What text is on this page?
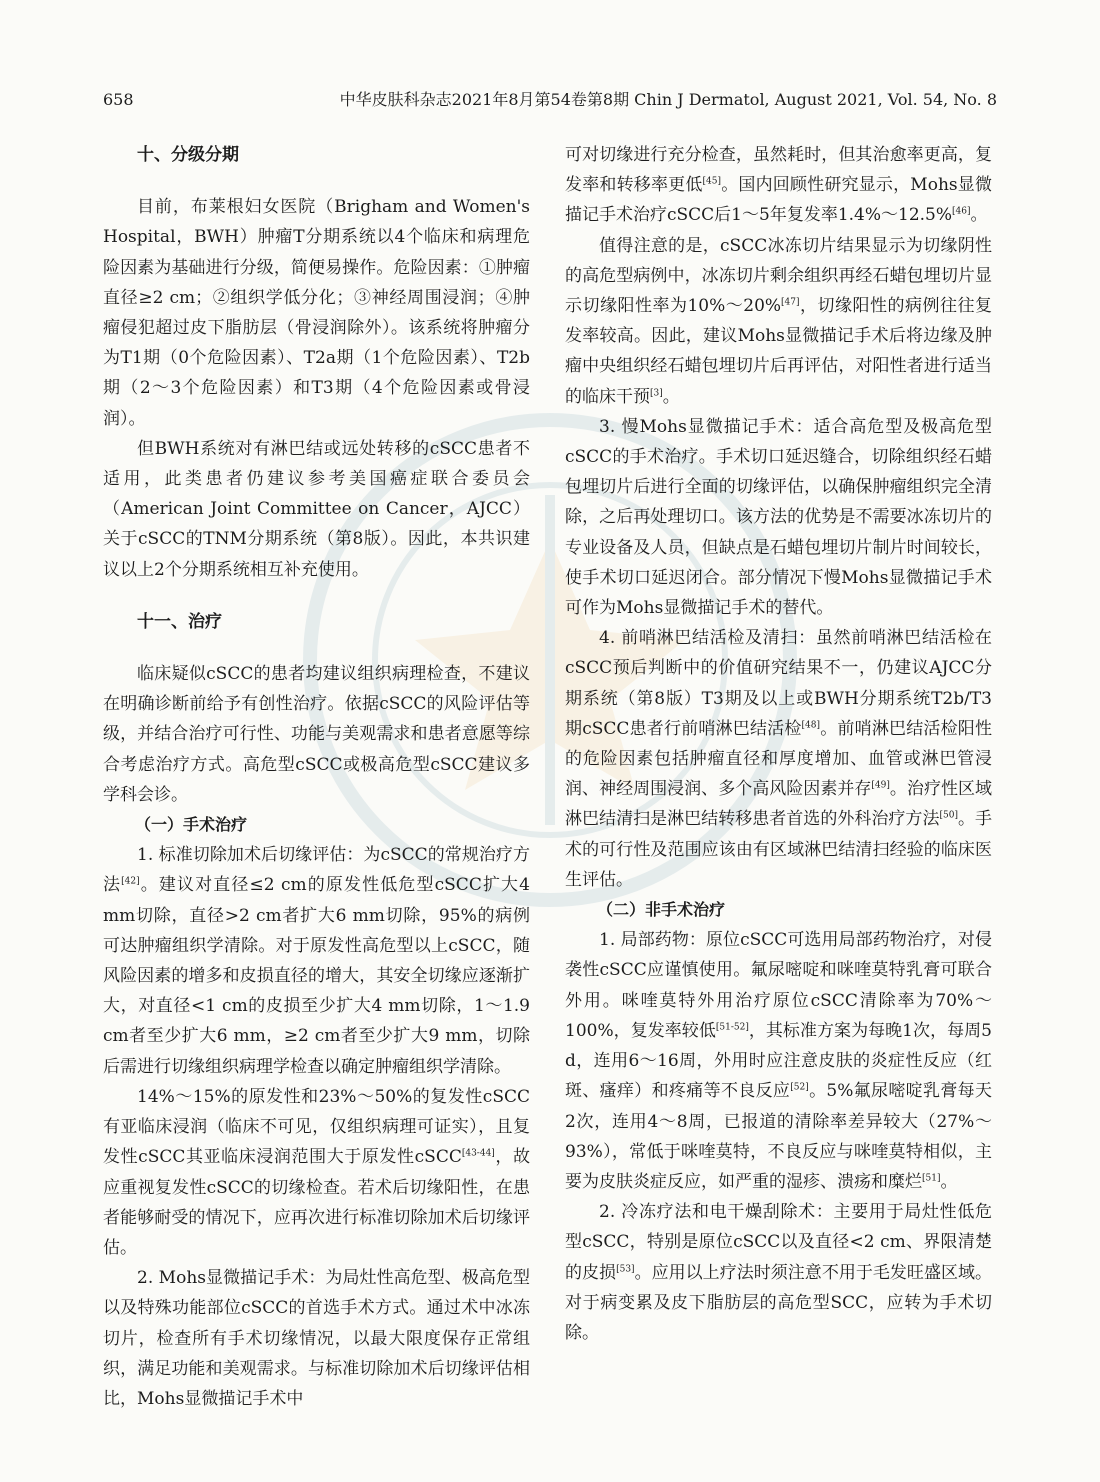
658	中华皮肤科杂志2021年8月第54卷第8期 Chin J Dermatol, August 2021, Vol. 54, No. 8
十、分级分期

目前，布莱根妇女医院（Brigham and Women's Hospital，BWH）肿瘤T分期系统以4个临床和病理危险因素为基础进行分级，简便易操作。危险因素：①肿瘤直径≥2 cm；②组织学低分化；③神经周围浸润；④肿瘤侵犯超过皮下脂肪层（骨浸润除外）。该系统将肿瘤分为T1期（0个危险因素）、T2a期（1个危险因素）、T2b期（2～3个危险因素）和T3期（4个危险因素或骨浸润）。

但BWH系统对有淋巴结或远处转移的cSCC患者不适用，此类患者仍建议参考美国癌症联合委员会（American Joint Committee on Cancer，AJCC）关于cSCC的TNM分期系统（第8版）。因此，本共识建议以上2个分期系统相互补充使用。

十一、治疗

临床疑似cSCC的患者均建议组织病理检查，不建议在明确诊断前给予有创性治疗。依据cSCC的风险评估等级，并结合治疗可行性、功能与美观需求和患者意愿等综合考虑治疗方式。高危型cSCC或极高危型cSCC建议多学科会诊。

（一）手术治疗

1. 标准切除加术后切缘评估：为cSCC的常规治疗方法[42]。建议对直径≤2 cm的原发性低危型cSCC扩大4 mm切除，直径>2 cm者扩大6 mm切除，95%的病例可达肿瘤组织学清除。对于原发性高危型以上cSCC，随风险因素的增多和皮损直径的增大，其安全切缘应逐渐扩大，对直径<1 cm的皮损至少扩大4 mm切除，1～1.9 cm者至少扩大6 mm，≥2 cm者至少扩大9 mm，切除后需进行切缘组织病理学检查以确定肿瘤组织学清除。

14%～15%的原发性和23%～50%的复发性cSCC有亚临床浸润（临床不可见，仅组织病理可证实），且复发性cSCC其亚临床浸润范围大于原发性cSCC[43-44]，故应重视复发性cSCC的切缘检查。若术后切缘阳性，在患者能够耐受的情况下，应再次进行标准切除加术后切缘评估。

2. Mohs显微描记手术：为局灶性高危型、极高危型以及特殊功能部位cSCC的首选手术方式。通过术中冰冻切片，检查所有手术切缘情况，以最大限度保存正常组织，满足功能和美观需求。与标准切除加术后切缘评估相比，Mohs显微描记手术中

可对切缘进行充分检查，虽然耗时，但其治愈率更高，复发率和转移率更低[45]。国内回顾性研究显示，Mohs显微描记手术治疗cSCC后1～5年复发率1.4%～12.5%[46]。

值得注意的是，cSCC冰冻切片结果显示为切缘阴性的高危型病例中，冰冻切片剩余组织再经石蜡包埋切片显示切缘阳性率为10%～20%[47]，切缘阳性的病例往往复发率较高。因此，建议Mohs显微描记手术后将边缘及肿瘤中央组织经石蜡包埋切片后再评估，对阳性者进行适当的临床干预[3]。

3. 慢Mohs显微描记手术：适合高危型及极高危型cSCC的手术治疗。手术切口延迟缝合，切除组织经石蜡包埋切片后进行全面的切缘评估，以确保肿瘤组织完全清除，之后再处理切口。该方法的优势是不需要冰冻切片的专业设备及人员，但缺点是石蜡包埋切片制片时间较长，使手术切口延迟闭合。部分情况下慢Mohs显微描记手术可作为Mohs显微描记手术的替代。

4. 前哨淋巴结活检及清扫：虽然前哨淋巴结活检在cSCC预后判断中的价值研究结果不一，仍建议AJCC分期系统（第8版）T3期及以上或BWH分期系统T2b/T3期cSCC患者行前哨淋巴结活检[48]。前哨淋巴结活检阳性的危险因素包括肿瘤直径和厚度增加、血管或淋巴管浸润、神经周围浸润、多个高风险因素并存[49]。治疗性区域淋巴结清扫是淋巴结转移患者首选的外科治疗方法[50]。手术的可行性及范围应该由有区域淋巴结清扫经验的临床医生评估。

（二）非手术治疗

1. 局部药物：原位cSCC可选用局部药物治疗，对侵袭性cSCC应谨慎使用。氟尿嘧啶和咪喹莫特乳膏可联合外用。咪喹莫特外用治疗原位cSCC清除率为70%～100%，复发率较低[51-52]，其标准方案为每晚1次，每周5 d，连用6～16周，外用时应注意皮肤的炎症性反应（红斑、瘙痒）和疼痛等不良反应[52]。5%氟尿嘧啶乳膏每天2次，连用4～8周，已报道的清除率差异较大（27%～93%），常低于咪喹莫特，不良反应与咪喹莫特相似，主要为皮肤炎症反应，如严重的湿疹、溃疡和糜烂[51]。

2. 冷冻疗法和电干燥刮除术：主要用于局灶性低危型cSCC，特别是原位cSCC以及直径<2 cm、界限清楚的皮损[53]。应用以上疗法时须注意不用于毛发旺盛区域。对于病变累及皮下脂肪层的高危型SCC，应转为手术切除。
